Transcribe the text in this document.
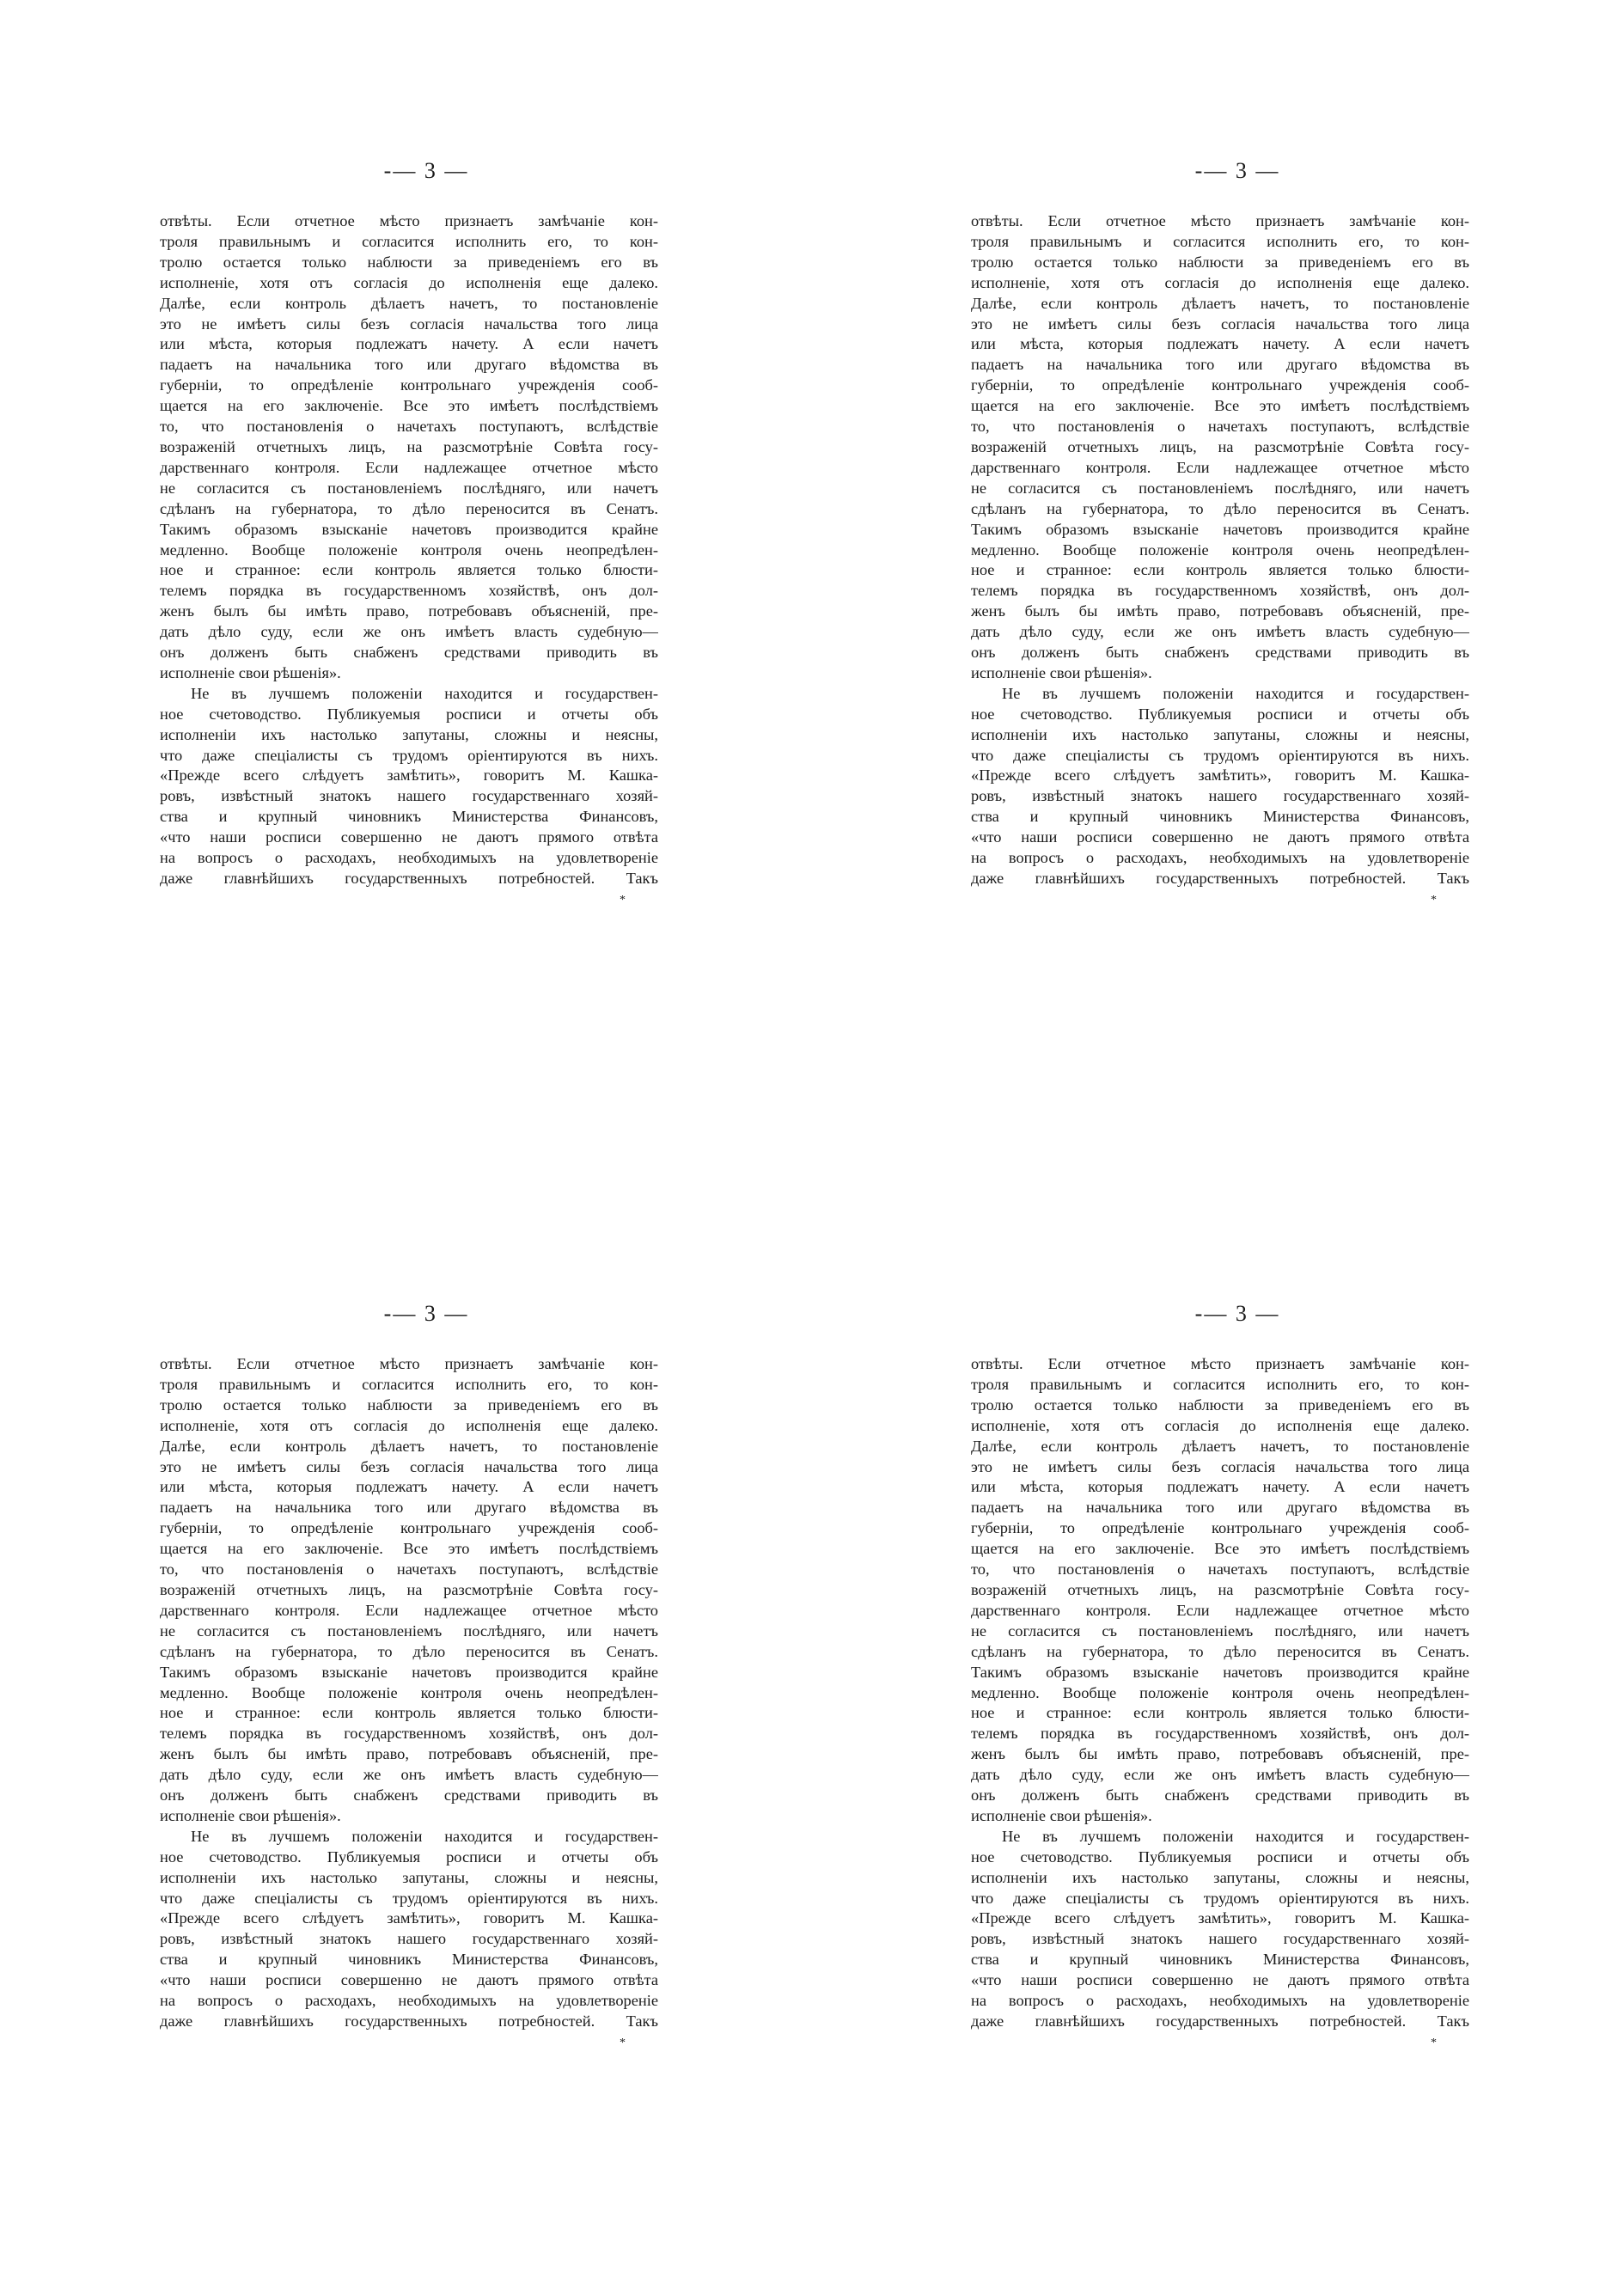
-— 3 —

отвѣты. Если отчетное мѣсто признаетъ замѣчаніе кон-

троля правильнымъ и согласится исполнить его, то кон-

тролю остается только наблюсти за приведеніемъ его въ

исполненіе, хотя отъ согласія до исполненія еще далеко.

Далѣе, если контроль дѣлаетъ начетъ, то постановленіе

это не имѣетъ силы безъ согласія начальства того лица

или мѣста, которыя подлежатъ начету. А если начетъ

падаетъ на начальника того или другаго вѣдомства въ

губерніи, то опредѣленіе контрольнаго учрежденія сооб-

щается на его заключеніе. Все это имѣетъ послѣдствіемъ

то, что постановленія о начетахъ поступаютъ, вслѣдствіе

возраженій отчетныхъ лицъ, на разсмотрѣніе Совѣта госу-

дарственнаго контроля. Если надлежащее отчетное мѣсто

не согласится съ постановленіемъ послѣдняго, или начетъ

сдѣланъ на губернатора, то дѣло переносится въ Сенатъ.

Такимъ образомъ взысканіе начетовъ производится крайне

медленно. Вообще положеніе контроля очень неопредѣлен-

ное и странное: если контроль является только блюсти-

телемъ порядка въ государственномъ хозяйствѣ, онъ дол-

женъ былъ бы имѣть право, потребовавъ объясненій, пре-

дать дѣло суду, если же онъ имѣетъ власть судебную—

онъ долженъ быть снабженъ средствами приводить въ

исполненіе свои рѣшенія».

Не въ лучшемъ положеніи находится и государствен-

ное счетоводство. Публикуемыя росписи и отчеты объ

исполненіи ихъ настолько запутаны, сложны и неясны,

что даже спеціалисты съ трудомъ оріентируются въ нихъ.

«Прежде всего слѣдуетъ замѣтить», говоритъ М. Кашка-

ровъ, извѣстный знатокъ нашего государственнаго хозяй-

ства и крупный чиновникъ Министерства Финансовъ,

«что наши росписи совершенно не даютъ прямого отвѣта

на вопросъ о расходахъ, необходимыхъ на удовлетвореніе

даже главнѣйшихъ государственныхъ потребностей. Такъ

*
-— 3 —

отвѣты. Если отчетное мѣсто признаетъ замѣчаніе кон-

троля правильнымъ и согласится исполнить его, то кон-

тролю остается только наблюсти за приведеніемъ его въ

исполненіе, хотя отъ согласія до исполненія еще далеко.

Далѣе, если контроль дѣлаетъ начетъ, то постановленіе

это не имѣетъ силы безъ согласія начальства того лица

или мѣста, которыя подлежатъ начету. А если начетъ

падаетъ на начальника того или другаго вѣдомства въ

губерніи, то опредѣленіе контрольнаго учрежденія сооб-

щается на его заключеніе. Все это имѣетъ послѣдствіемъ

то, что постановленія о начетахъ поступаютъ, вслѣдствіе

возраженій отчетныхъ лицъ, на разсмотрѣніе Совѣта госу-

дарственнаго контроля. Если надлежащее отчетное мѣсто

не согласится съ постановленіемъ послѣдняго, или начетъ

сдѣланъ на губернатора, то дѣло переносится въ Сенатъ.

Такимъ образомъ взысканіе начетовъ производится крайне

медленно. Вообще положеніе контроля очень неопредѣлен-

ное и странное: если контроль является только блюсти-

телемъ порядка въ государственномъ хозяйствѣ, онъ дол-

женъ былъ бы имѣть право, потребовавъ объясненій, пре-

дать дѣло суду, если же онъ имѣетъ власть судебную—

онъ долженъ быть снабженъ средствами приводить въ

исполненіе свои рѣшенія».

Не въ лучшемъ положеніи находится и государствен-

ное счетоводство. Публикуемыя росписи и отчеты объ

исполненіи ихъ настолько запутаны, сложны и неясны,

что даже спеціалисты съ трудомъ оріентируются въ нихъ.

«Прежде всего слѣдуетъ замѣтить», говоритъ М. Кашка-

ровъ, извѣстный знатокъ нашего государственнаго хозяй-

ства и крупный чиновникъ Министерства Финансовъ,

«что наши росписи совершенно не даютъ прямого отвѣта

на вопросъ о расходахъ, необходимыхъ на удовлетвореніе

даже главнѣйшихъ государственныхъ потребностей. Такъ

*
-— 3 —

отвѣты. Если отчетное мѣсто признаетъ замѣчаніе кон-

троля правильнымъ и согласится исполнить его, то кон-

тролю остается только наблюсти за приведеніемъ его въ

исполненіе, хотя отъ согласія до исполненія еще далеко.

Далѣе, если контроль дѣлаетъ начетъ, то постановленіе

это не имѣетъ силы безъ согласія начальства того лица

или мѣста, которыя подлежатъ начету. А если начетъ

падаетъ на начальника того или другаго вѣдомства въ

губерніи, то опредѣленіе контрольнаго учрежденія сооб-

щается на его заключеніе. Все это имѣетъ послѣдствіемъ

то, что постановленія о начетахъ поступаютъ, вслѣдствіе

возраженій отчетныхъ лицъ, на разсмотрѣніе Совѣта госу-

дарственнаго контроля. Если надлежащее отчетное мѣсто

не согласится съ постановленіемъ послѣдняго, или начетъ

сдѣланъ на губернатора, то дѣло переносится въ Сенатъ.

Такимъ образомъ взысканіе начетовъ производится крайне

медленно. Вообще положеніе контроля очень неопредѣлен-

ное и странное: если контроль является только блюсти-

телемъ порядка въ государственномъ хозяйствѣ, онъ дол-

женъ былъ бы имѣть право, потребовавъ объясненій, пре-

дать дѣло суду, если же онъ имѣетъ власть судебную—

онъ долженъ быть снабженъ средствами приводить въ

исполненіе свои рѣшенія».

Не въ лучшемъ положеніи находится и государствен-

ное счетоводство. Публикуемыя росписи и отчеты объ

исполненіи ихъ настолько запутаны, сложны и неясны,

что даже спеціалисты съ трудомъ оріентируются въ нихъ.

«Прежде всего слѣдуетъ замѣтить», говоритъ М. Кашка-

ровъ, извѣстный знатокъ нашего государственнаго хозяй-

ства и крупный чиновникъ Министерства Финансовъ,

«что наши росписи совершенно не даютъ прямого отвѣта

на вопросъ о расходахъ, необходимыхъ на удовлетвореніе

даже главнѣйшихъ государственныхъ потребностей. Такъ

*
-— 3 —

отвѣты. Если отчетное мѣсто признаетъ замѣчаніе кон-

троля правильнымъ и согласится исполнить его, то кон-

тролю остается только наблюсти за приведеніемъ его въ

исполненіе, хотя отъ согласія до исполненія еще далеко.

Далѣе, если контроль дѣлаетъ начетъ, то постановленіе

это не имѣетъ силы безъ согласія начальства того лица

или мѣста, которыя подлежатъ начету. А если начетъ

падаетъ на начальника того или другаго вѣдомства въ

губерніи, то опредѣленіе контрольнаго учрежденія сооб-

щается на его заключеніе. Все это имѣетъ послѣдствіемъ

то, что постановленія о начетахъ поступаютъ, вслѣдствіе

возраженій отчетныхъ лицъ, на разсмотрѣніе Совѣта госу-

дарственнаго контроля. Если надлежащее отчетное мѣсто

не согласится съ постановленіемъ послѣдняго, или начетъ

сдѣланъ на губернатора, то дѣло переносится въ Сенатъ.

Такимъ образомъ взысканіе начетовъ производится крайне

медленно. Вообще положеніе контроля очень неопредѣлен-

ное и странное: если контроль является только блюсти-

телемъ порядка въ государственномъ хозяйствѣ, онъ дол-

женъ былъ бы имѣть право, потребовавъ объясненій, пре-

дать дѣло суду, если же онъ имѣетъ власть судебную—

онъ долженъ быть снабженъ средствами приводить въ

исполненіе свои рѣшенія».

Не въ лучшемъ положеніи находится и государствен-

ное счетоводство. Публикуемыя росписи и отчеты объ

исполненіи ихъ настолько запутаны, сложны и неясны,

что даже спеціалисты съ трудомъ оріентируются въ нихъ.

«Прежде всего слѣдуетъ замѣтить», говоритъ М. Кашка-

ровъ, извѣстный знатокъ нашего государственнаго хозяй-

ства и крупный чиновникъ Министерства Финансовъ,

«что наши росписи совершенно не даютъ прямого отвѣта

на вопросъ о расходахъ, необходимыхъ на удовлетвореніе

даже главнѣйшихъ государственныхъ потребностей. Такъ

*
